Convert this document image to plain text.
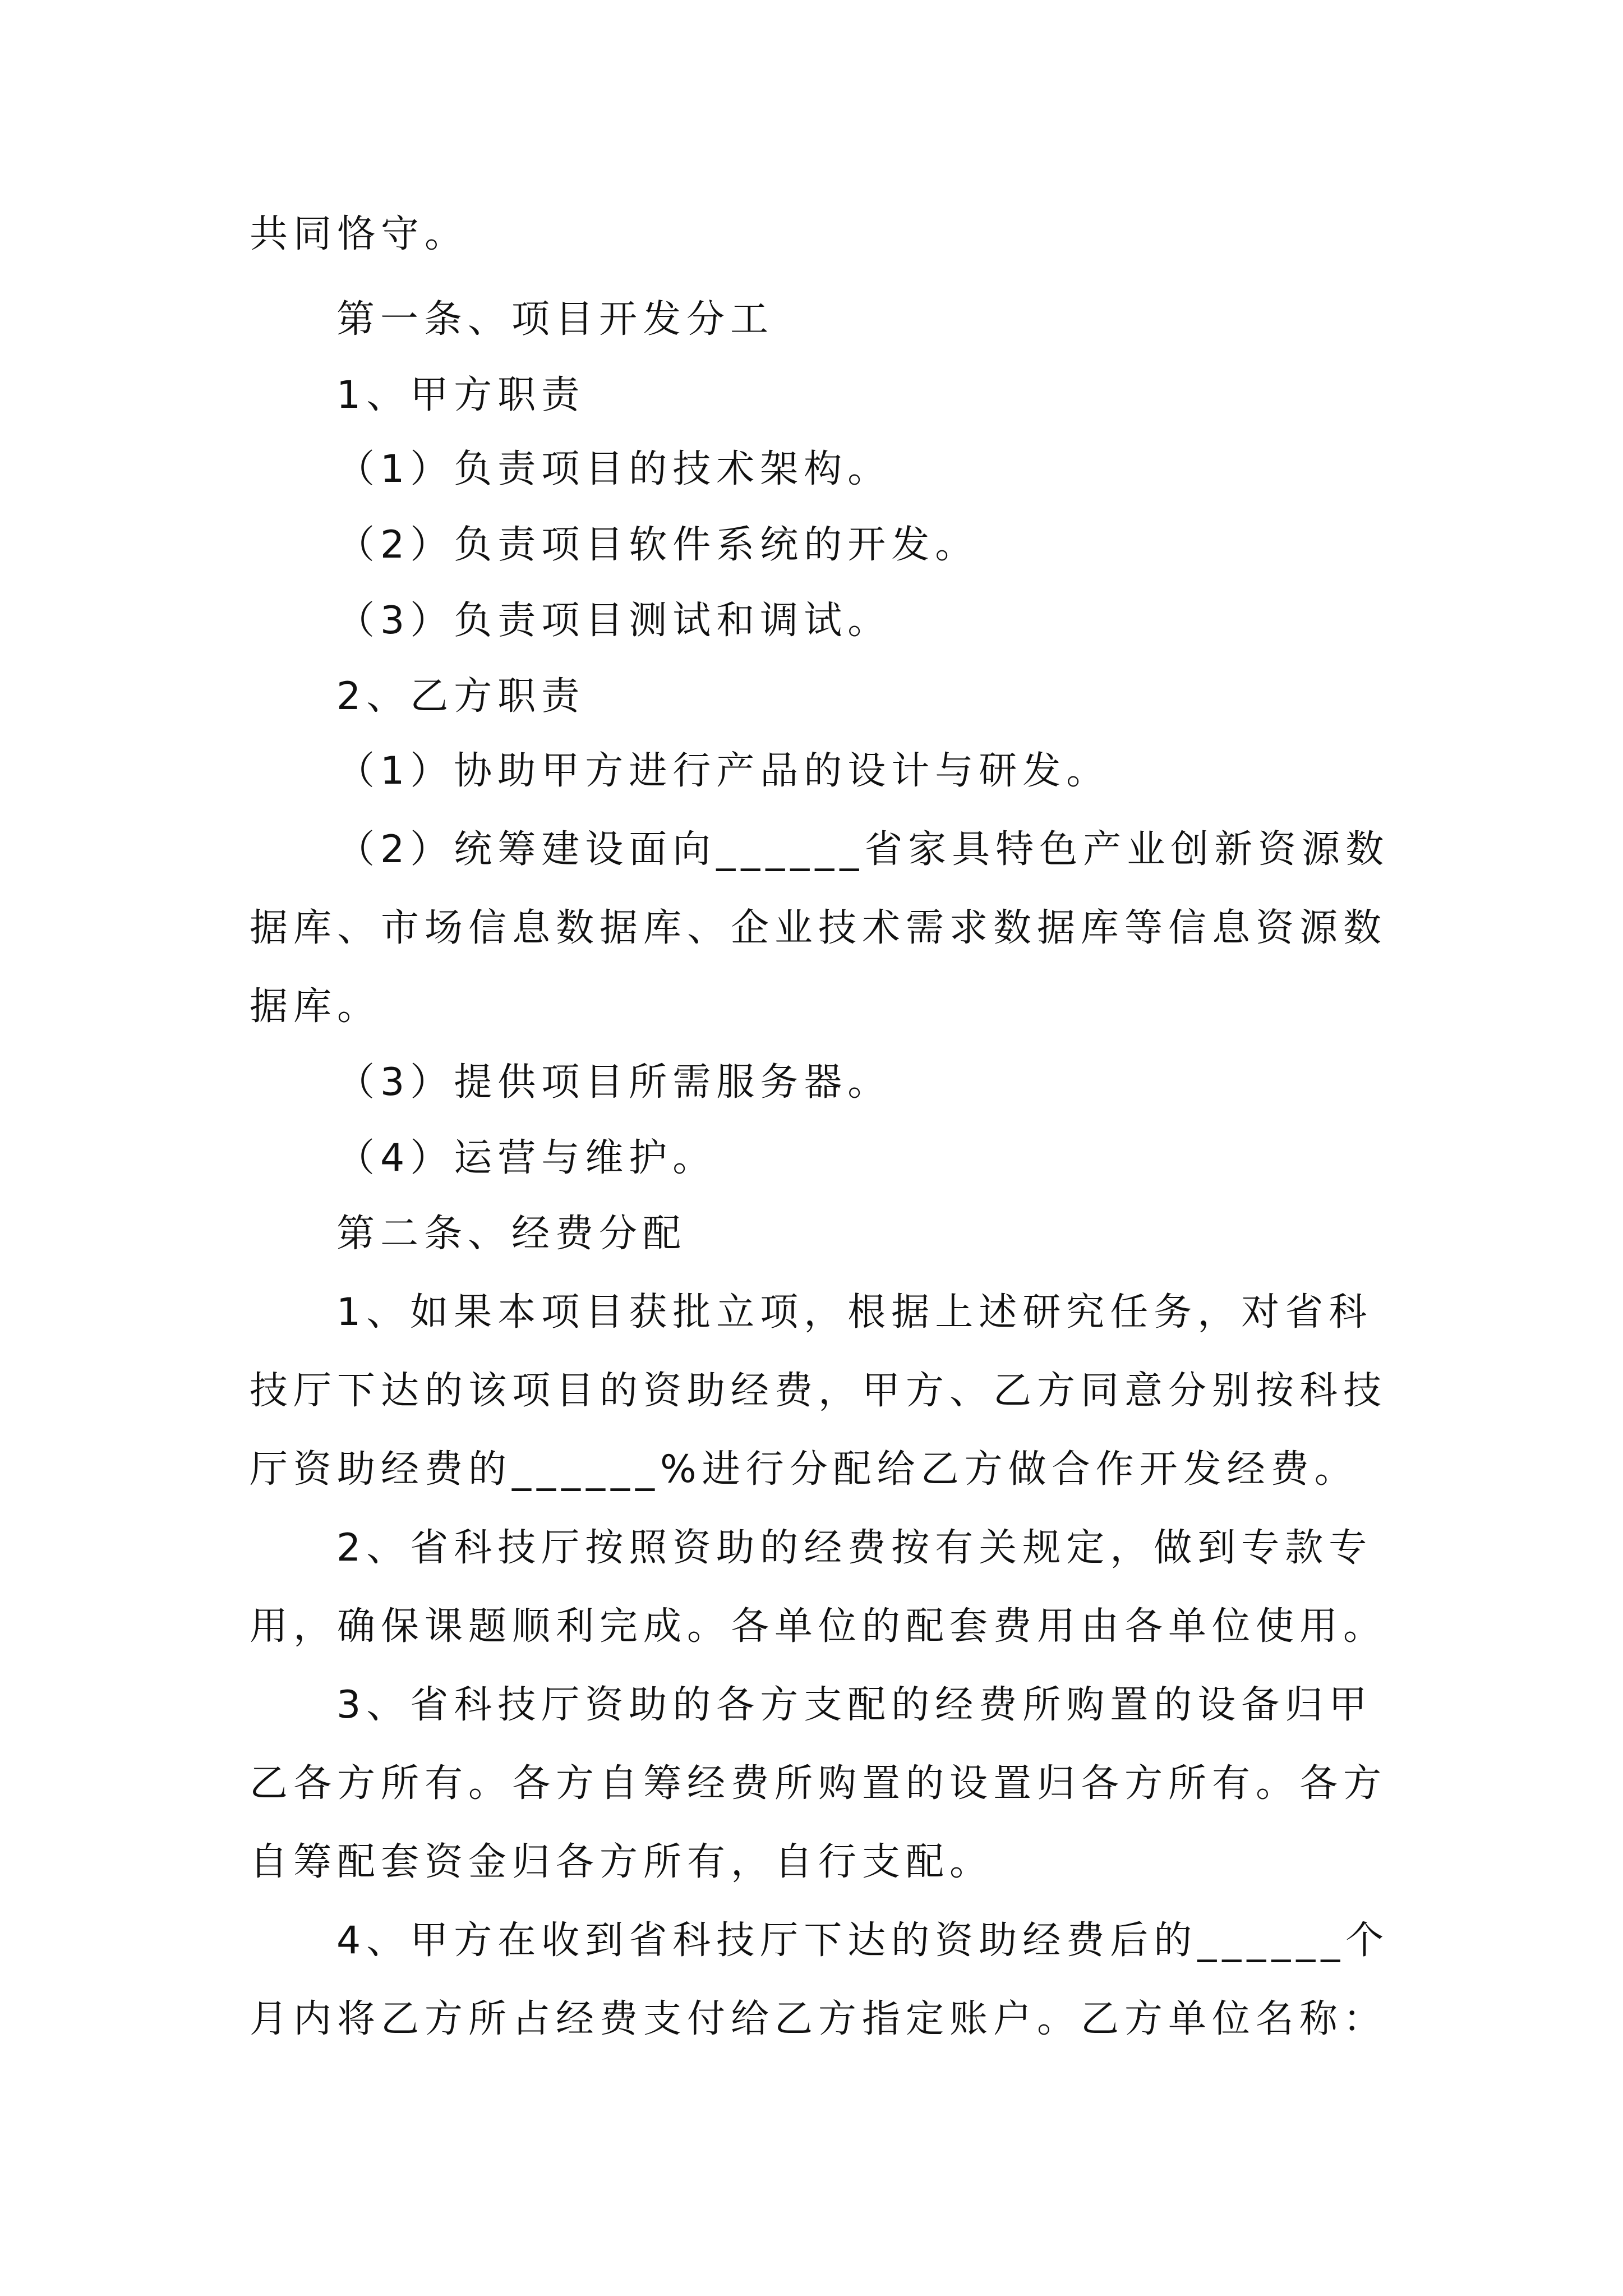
共同恪守。
第一条、项目开发分工
1、甲方职责
（1）负责项目的技术架构。
（2）负责项目软件系统的开发。
（3）负责项目测试和调试。
2、乙方职责
（1）协助甲方进行产品的设计与研发。
（2）统筹建设面向______省家具特色产业创新资源数
据库、市场信息数据库、企业技术需求数据库等信息资源数
据库。
（3）提供项目所需服务器。
（4）运营与维护。
第二条、经费分配
1、如果本项目获批立项，根据上述研究任务，对省科
技厅下达的该项目的资助经费，甲方、乙方同意分别按科技
厅资助经费的______%进行分配给乙方做合作开发经费。
2、省科技厅按照资助的经费按有关规定，做到专款专
用，确保课题顺利完成。各单位的配套费用由各单位使用。
3、省科技厅资助的各方支配的经费所购置的设备归甲
乙各方所有。各方自筹经费所购置的设置归各方所有。各方
自筹配套资金归各方所有，自行支配。
4、甲方在收到省科技厅下达的资助经费后的______个
月内将乙方所占经费支付给乙方指定账户。乙方单位名称：
